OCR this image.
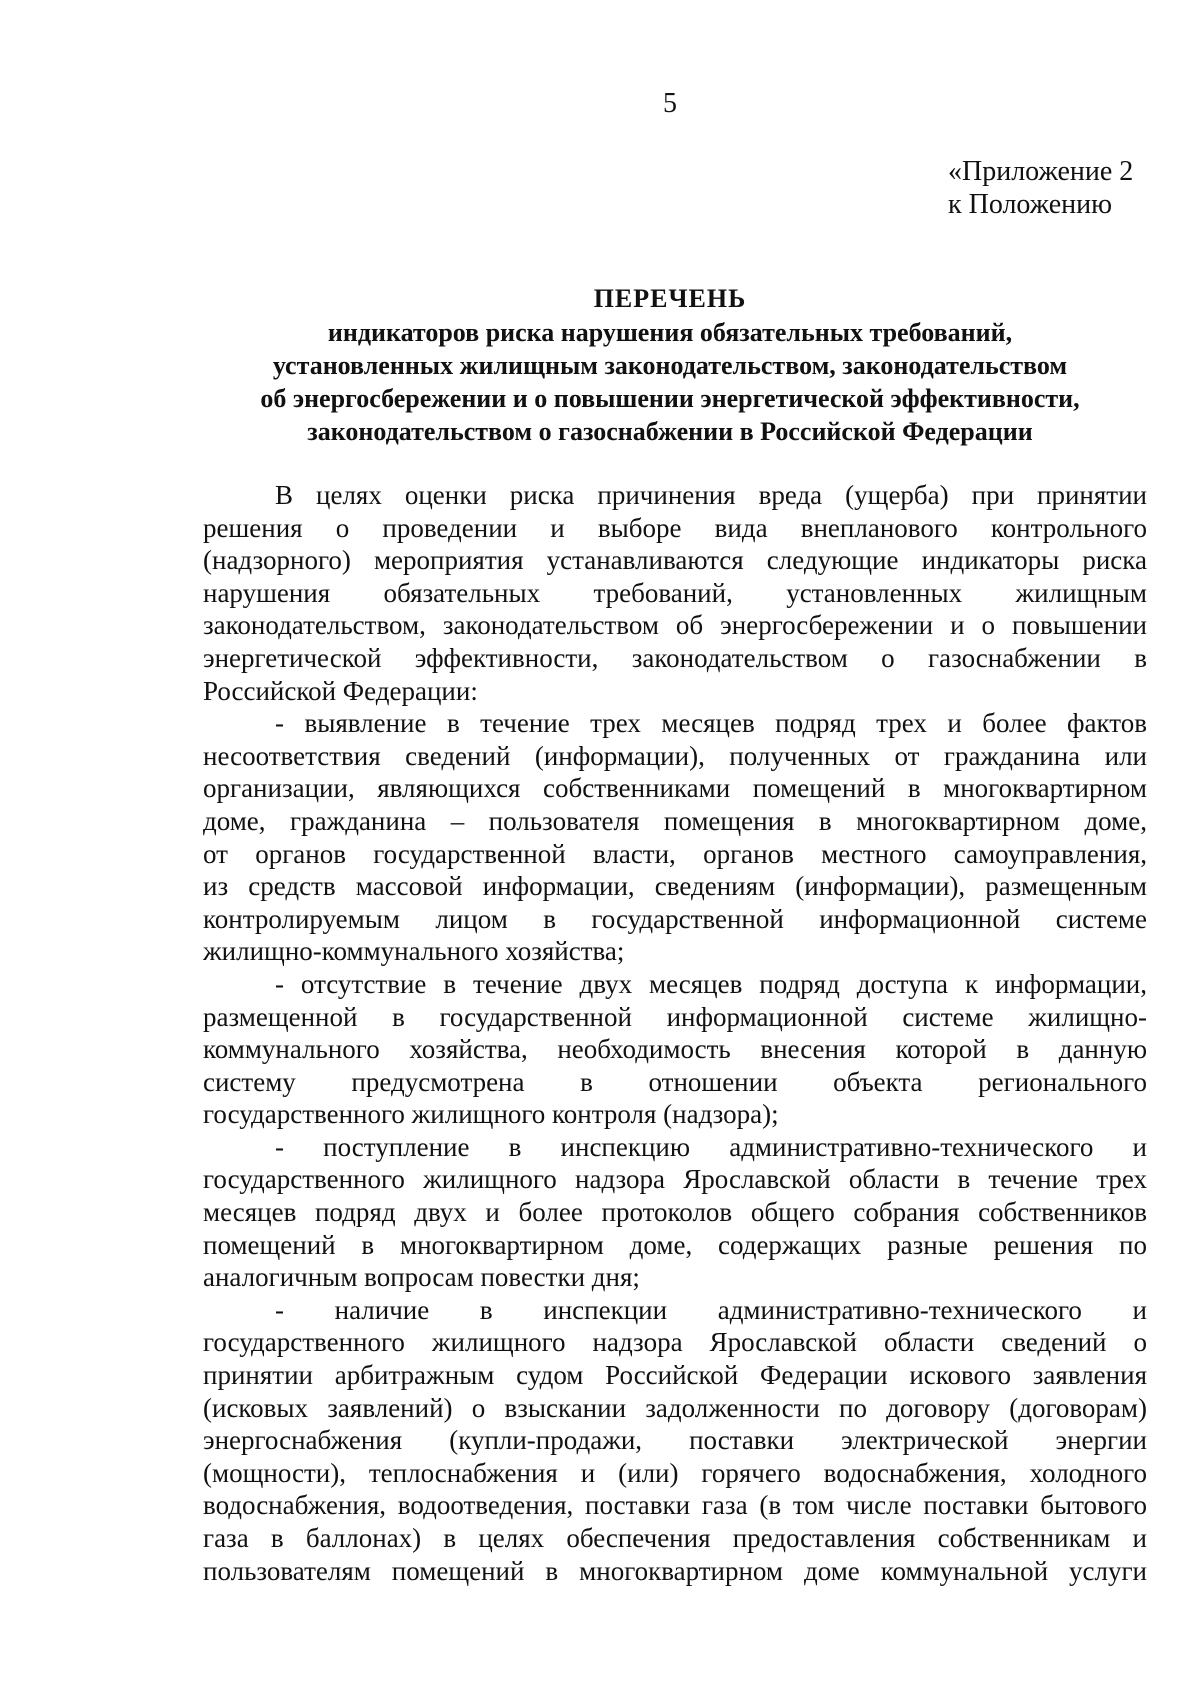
5
«Приложение 2
к Положению
ПЕРЕЧЕНЬ
индикаторов риска нарушения обязательных требований,
установленных жилищным законодательством, законодательством
об энергосбережении и о повышении энергетической эффективности,
законодательством о газоснабжении в Российской Федерации
В целях оценки риска причинения вреда (ущерба) при принятии
решения о проведении и выборе вида внепланового контрольного
(надзорного) мероприятия устанавливаются следующие индикаторы риска
нарушения обязательных требований, установленных жилищным
законодательством, законодательством об энергосбережении и о повышении
энергетической эффективности, законодательством о газоснабжении в
Российской Федерации:
- выявление в течение трех месяцев подряд трех и более фактов
несоответствия сведений (информации), полученных от гражданина или
организации, являющихся собственниками помещений в многоквартирном
доме, гражданина – пользователя помещения в многоквартирном доме,
от органов государственной власти, органов местного самоуправления,
из средств массовой информации, сведениям (информации), размещенным
контролируемым лицом в государственной информационной системе
жилищно-коммунального хозяйства;
- отсутствие в течение двух месяцев подряд доступа к информации,
размещенной в государственной информационной системе жилищно-
коммунального хозяйства, необходимость внесения которой в данную
систему предусмотрена в отношении объекта регионального
государственного жилищного контроля (надзора);
- поступление в инспекцию административно-технического и
государственного жилищного надзора Ярославской области в течение трех
месяцев подряд двух и более протоколов общего собрания собственников
помещений в многоквартирном доме, содержащих разные решения по
аналогичным вопросам повестки дня;
- наличие в инспекции административно-технического и
государственного жилищного надзора Ярославской области сведений о
принятии арбитражным судом Российской Федерации искового заявления
(исковых заявлений) о взыскании задолженности по договору (договорам)
энергоснабжения (купли-продажи, поставки электрической энергии
(мощности), теплоснабжения и (или) горячего водоснабжения, холодного
водоснабжения, водоотведения, поставки газа (в том числе поставки бытового
газа в баллонах) в целях обеспечения предоставления собственникам и
пользователям помещений в многоквартирном доме коммунальной услуги
